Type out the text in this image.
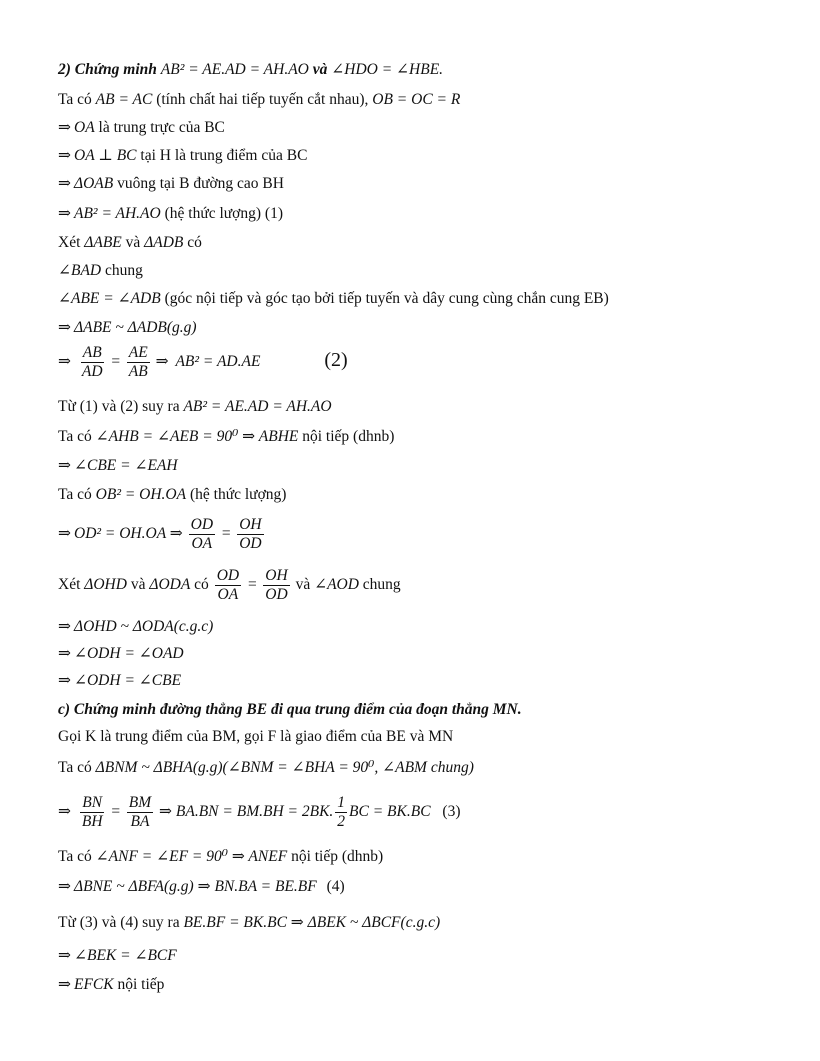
2) Chứng minh AB² = AE.AD = AH.AO và ∠HDO = ∠HBE.
Ta có AB = AC (tính chất hai tiếp tuyến cắt nhau), OB = OC = R
⇒ OA là trung trực của BC
⇒ OA ⊥ BC tại H là trung điểm của BC
⇒ ΔOAB vuông tại B đường cao BH
⇒ AB² = AH.AO (hệ thức lượng) (1)
Xét ΔABE và ΔADB có
∠BAD chung
∠ABE = ∠ADB (góc nội tiếp và góc tạo bởi tiếp tuyến và dây cung cùng chắn cung EB)
⇒ ΔABE ~ ΔADB(g.g)
⇒ $\frac{AB}{AD} = \frac{AE}{AB}$ ⇒ AB² = AD.AE	(2)
Từ (1) và (2) suy ra AB² = AE.AD = AH.AO
Ta có ∠AHB = ∠AEB = 90⁰ ⇒ ABHE nội tiếp (dhnb)
⇒ ∠CBE = ∠EAH
Ta có OB² = OH.OA (hệ thức lượng)
⇒ OD² = OH.OA ⇒ $\frac{OD}{OA} = \frac{OH}{OD}$
Xét ΔOHD và ΔODA có $\frac{OD}{OA} = \frac{OH}{OD}$ và ∠AOD chung
⇒ ΔOHD ~ ΔODA(c.g.c)
⇒ ∠ODH = ∠OAD
⇒ ∠ODH = ∠CBE
c) Chứng minh đường thẳng BE đi qua trung điểm của đoạn thẳng MN.
Gọi K là trung điểm của BM, gọi F là giao điểm của BE và MN
Ta có ΔBNM ~ ΔBHA(g.g)(∠BNM = ∠BHA = 90⁰, ∠ABM chung)
⇒ $\frac{BN}{BH} = \frac{BM}{BA}$ ⇒ BA.BN = BM.BH = 2BK. $\frac{1}{2}$ BC = BK.BC (3)
Ta có ∠ANF = ∠EF = 90⁰ ⇒ ANEF nội tiếp (dhnb)
⇒ ΔBNE ~ ΔBFA(g.g) ⇒ BN.BA = BE.BF (4)
Từ (3) và (4) suy ra BE.BF = BK.BC ⇒ ΔBEK ~ ΔBCF(c.g.c)
⇒ ∠BEK = ∠BCF
⇒ EFCK nội tiếp
